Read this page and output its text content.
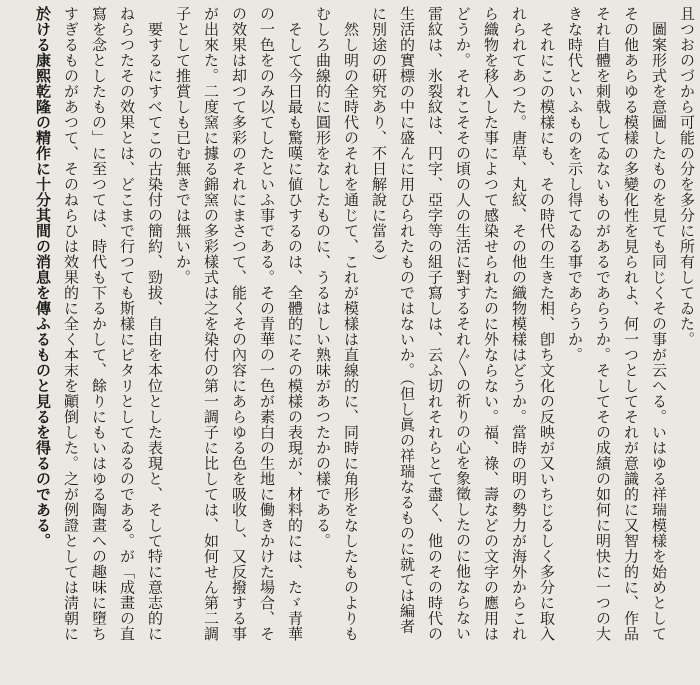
且つおのづから可能の分を多分に所有してゐた。
　圖案形式を意圖したものを見ても同じくその事が云へる。いはゆる祥瑞模樣を始めとして
その他あらゆる模樣の多變化性を見られよ、何一つとしてそれが意識的に又智力的に、作品
それ自體を刺戟してゐないものがあるであらうか。そしてその成績の如何に明快に一つの大
きな時代といふものを示し得てゐる事であらうか。
　それにこの模樣にも、その時代の生きた相、卽ち文化の反映が又いちじるしく多分に取入
れられてあつた。唐草、丸紋、その他の織物模樣はどうか。當時の明の勢力が海外からこれ
ら織物を移入した事によつて感染せられたのに外ならない。福、祿、壽などの文字の應用は
どうか。それこそその頃の人の生活に對するそれ〴〵の祈りの心を象徵したのに他ならない
雷紋は、氷裂紋は、円字、亞字等の組子寫しは、云ふ切れそれらとて盡く、他のその時代の
生活的實標の中に盛んに用ひられたものではないか。（但し眞の祥瑞なるものに就ては編者
に別途の研究あり、不日解說に當る）
　然し明の全時代のそれを通じて、これが模樣は直線的に、同時に角形をなしたものよりも
むしろ曲線的に圓形をなしたものに、うるはしい熟味があつたかの樣である。
　そして今日最も驚嘆に値ひするのは、全體的にその模樣の表現が、材料的には、たゞ青華
の一色をのみ以てしたといふ事である。その青華の一色が素白の生地に働きかけた場合、そ
の效果は却つて多彩のそれにまさつて、能くその內容にあらゆる色を吸收し、又反撥する事
が出來た。二度窯に據る錦窯の多彩樣式は之を染付の第一調子に比しては、如何せん第二調
子として推賞しも已む無きでは無いか。
　要するにすべてこの古染付の簡約、勁拔、自由を本位とした表現と、そして特に意志的に
ねらつたその效果とは、どこまで行つても斯樣にピタリとしてゐるのである。が「成畫の直
寫を念としたもの」に至つては、時代も下るかして、餘りにもいはゆる陶畫への趣味に墮ち
すぎるものがあつて、そのねらひは效果的に全く本末を顚倒した。之が例證としては淸朝に
於ける康熙乾隆の精作に十分其間の消息を傳ふるものと見るを得るのである。
